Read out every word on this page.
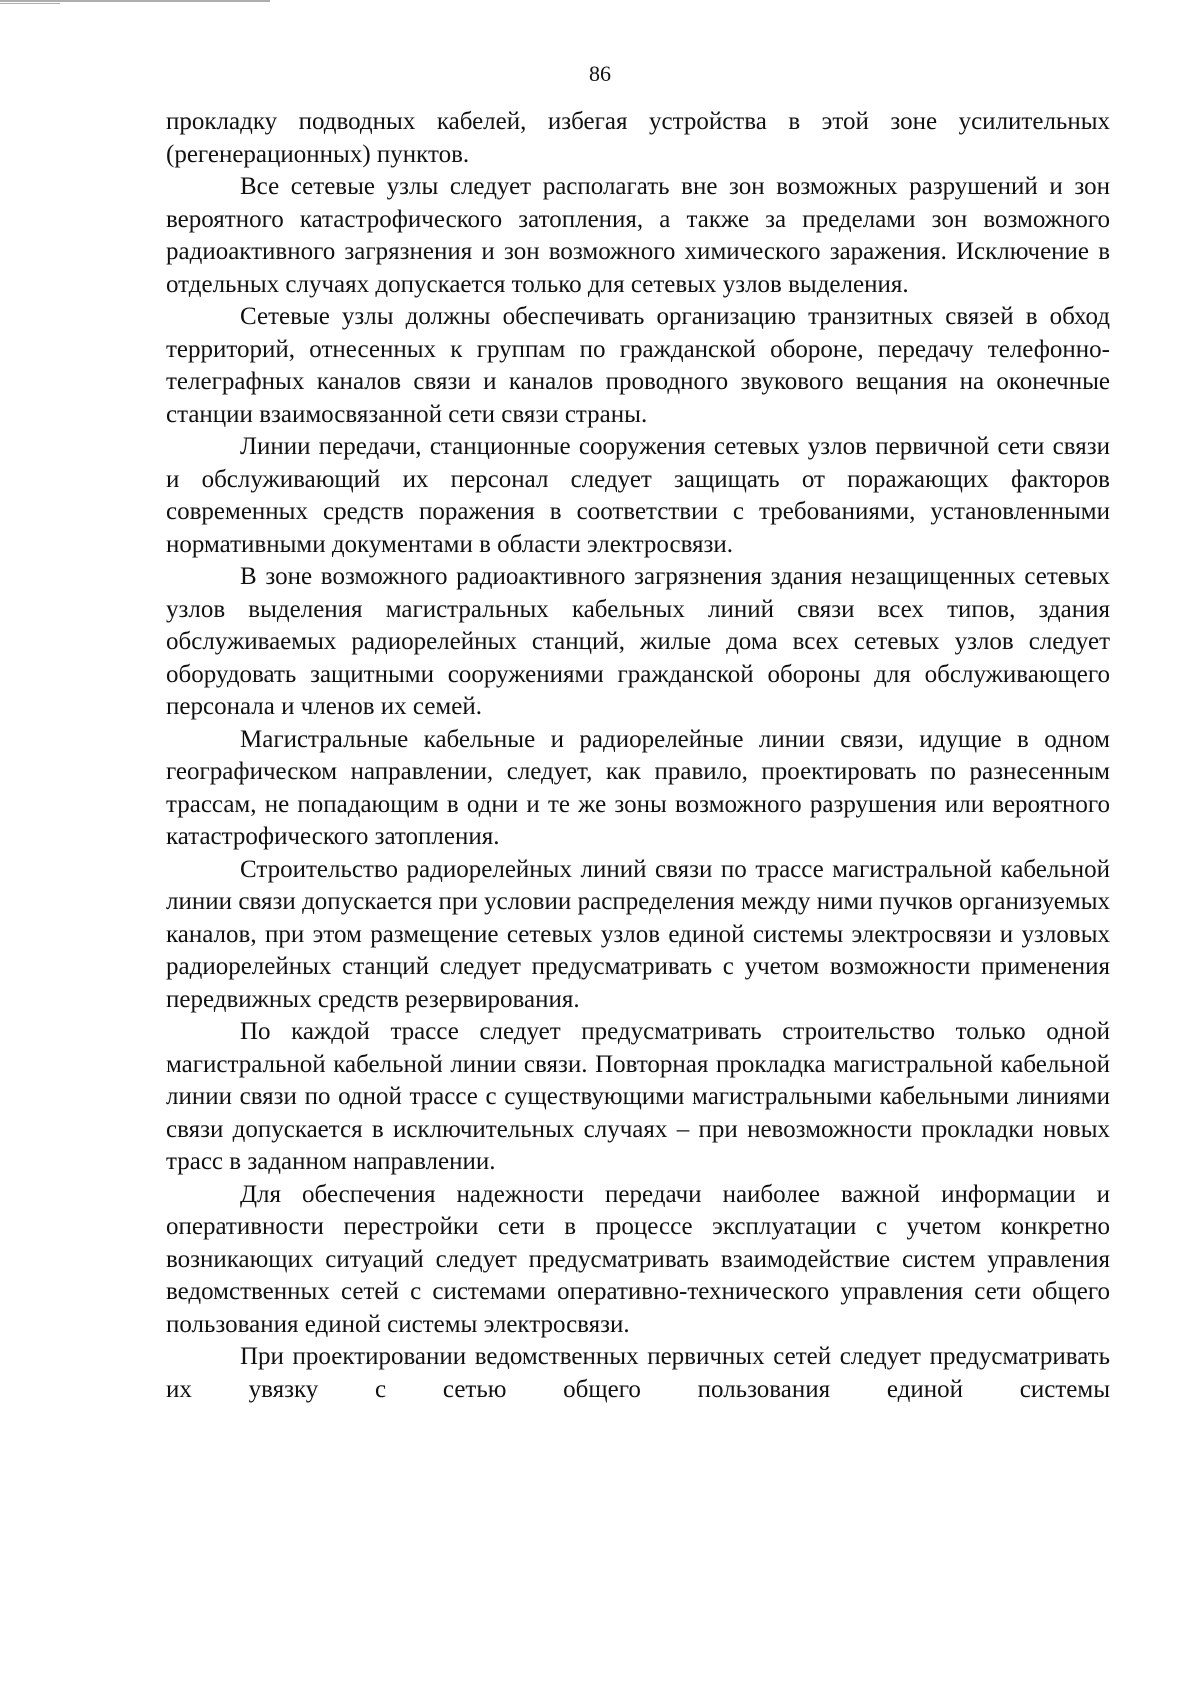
86

прокладку подводных кабелей, избегая устройства в этой зоне усилительных (регенерационных) пунктов.

Все сетевые узлы следует располагать вне зон возможных разрушений и зон вероятного катастрофического затопления, а также за пределами зон возможного радиоактивного загрязнения и зон возможного химического заражения. Исключение в отдельных случаях допускается только для сетевых узлов выделения.

Сетевые узлы должны обеспечивать организацию транзитных связей в обход территорий, отнесенных к группам по гражданской обороне, передачу телефонно-телеграфных каналов связи и каналов проводного звукового вещания на оконечные станции взаимосвязанной сети связи страны.

Линии передачи, станционные сооружения сетевых узлов первичной сети связи и обслуживающий их персонал следует защищать от поражающих факторов современных средств поражения в соответствии с требованиями, установленными нормативными документами в области электросвязи.

В зоне возможного радиоактивного загрязнения здания незащищенных сетевых узлов выделения магистральных кабельных линий связи всех типов, здания обслуживаемых радиорелейных станций, жилые дома всех сетевых узлов следует оборудовать защитными сооружениями гражданской обороны для обслуживающего персонала и членов их семей.

Магистральные кабельные и радиорелейные линии связи, идущие в одном географическом направлении, следует, как правило, проектировать по разнесенным трассам, не попадающим в одни и те же зоны возможного разрушения или вероятного катастрофического затопления.

Строительство радиорелейных линий связи по трассе магистральной кабельной линии связи допускается при условии распределения между ними пучков организуемых каналов, при этом размещение сетевых узлов единой системы электросвязи и узловых радиорелейных станций следует предусматривать с учетом возможности применения передвижных средств резервирования.

По каждой трассе следует предусматривать строительство только одной магистральной кабельной линии связи. Повторная прокладка магистральной кабельной линии связи по одной трассе с существующими магистральными кабельными линиями связи допускается в исключительных случаях – при невозможности прокладки новых трасс в заданном направлении.

Для обеспечения надежности передачи наиболее важной информации и оперативности перестройки сети в процессе эксплуатации с учетом конкретно возникающих ситуаций следует предусматривать взаимодействие систем управления ведомственных сетей с системами оперативно-технического управления сети общего пользования единой системы электросвязи.

При проектировании ведомственных первичных сетей следует предусматривать их увязку с сетью общего пользования единой системы
